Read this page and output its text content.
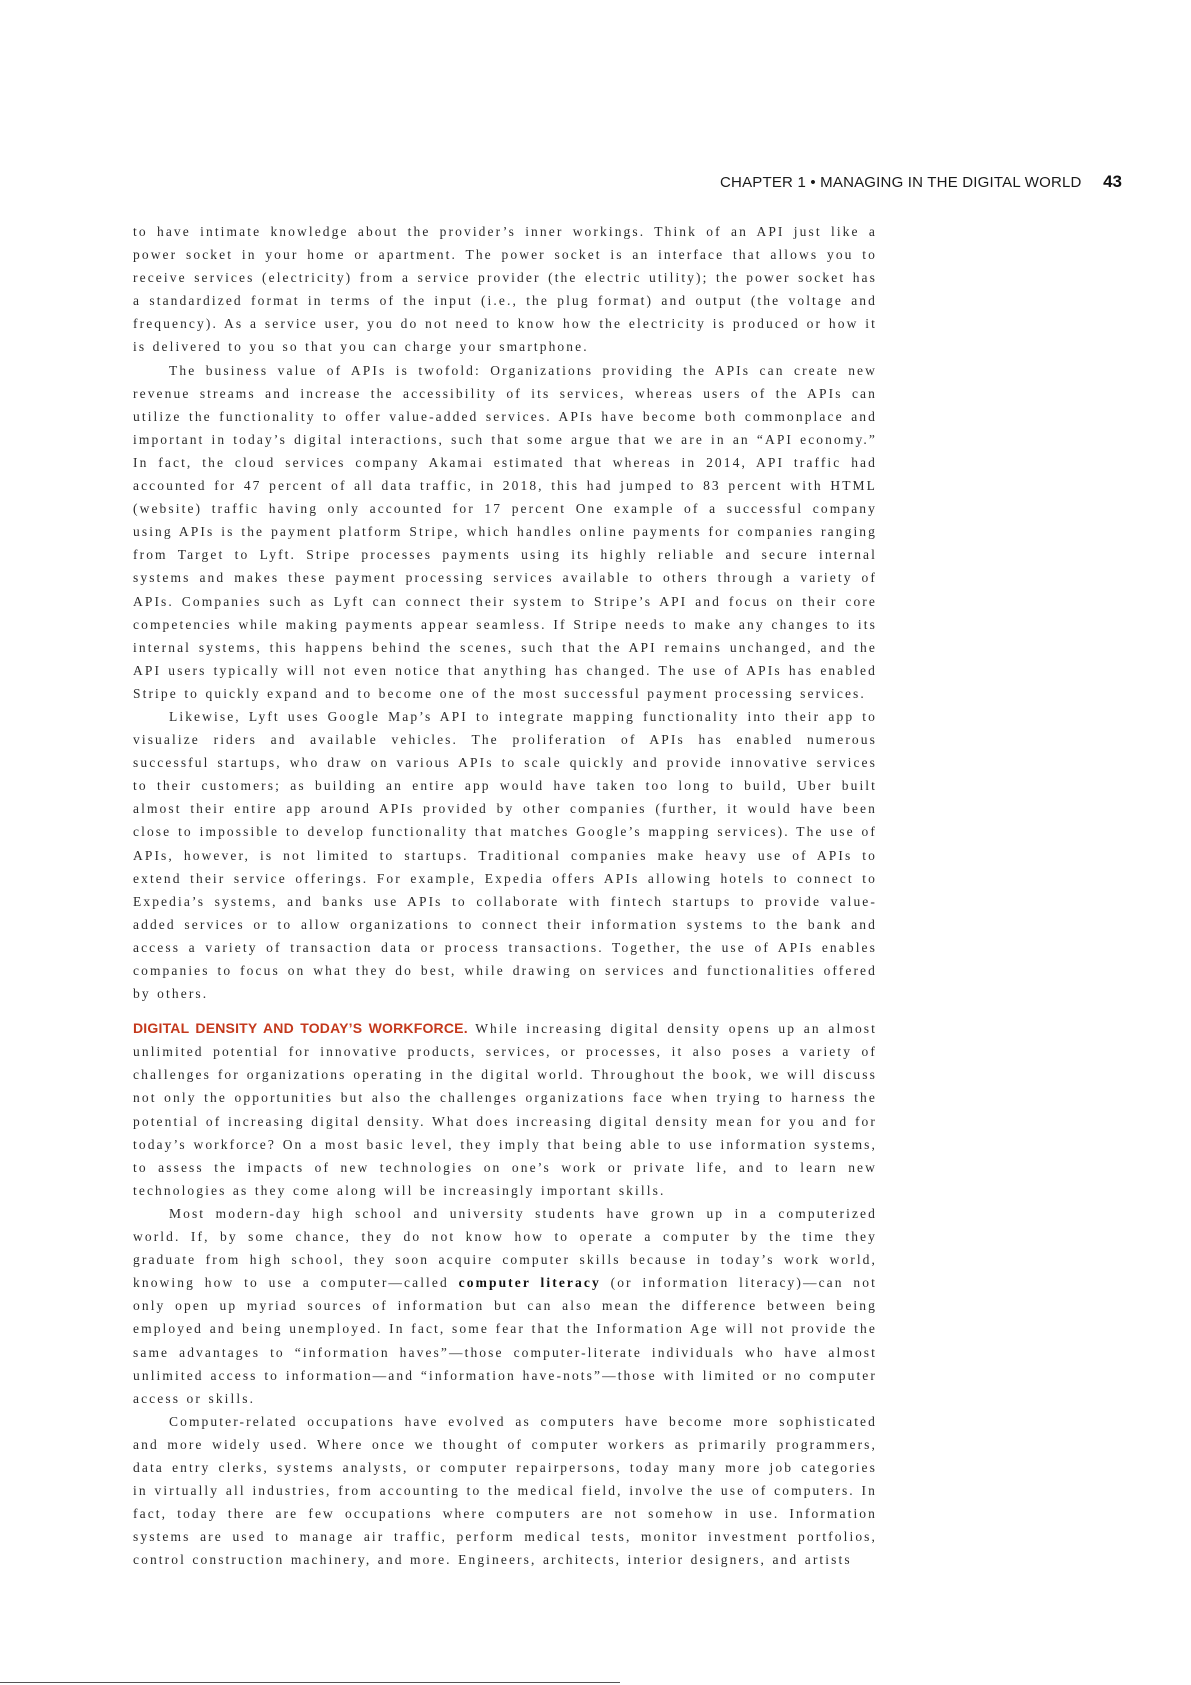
CHAPTER 1 • MANAGING IN THE DIGITAL WORLD 43

to have intimate knowledge about the provider’s inner workings. Think of an API just like a power socket in your home or apartment. The power socket is an interface that allows you to receive services (electricity) from a service provider (the electric utility); the power socket has a standardized format in terms of the input (i.e., the plug format) and output (the voltage and frequency). As a service user, you do not need to know how the electricity is produced or how it is delivered to you so that you can charge your smartphone.

The business value of APIs is twofold: Organizations providing the APIs can create new revenue streams and increase the accessibility of its services, whereas users of the APIs can utilize the functionality to offer value-added services. APIs have become both commonplace and important in today’s digital interactions, such that some argue that we are in an “API economy.” In fact, the cloud services company Akamai estimated that whereas in 2014, API traffic had accounted for 47 percent of all data traffic, in 2018, this had jumped to 83 percent with HTML (website) traffic having only accounted for 17 percent One example of a successful company using APIs is the payment platform Stripe, which handles online payments for companies ranging from Target to Lyft. Stripe processes payments using its highly reliable and secure internal systems and makes these payment processing services available to others through a variety of APIs. Companies such as Lyft can connect their system to Stripe’s API and focus on their core competencies while making payments appear seamless. If Stripe needs to make any changes to its internal systems, this happens behind the scenes, such that the API remains unchanged, and the API users typically will not even notice that anything has changed. The use of APIs has enabled Stripe to quickly expand and to become one of the most successful payment processing services.

Likewise, Lyft uses Google Map’s API to integrate mapping functionality into their app to visualize riders and available vehicles. The proliferation of APIs has enabled numerous successful startups, who draw on various APIs to scale quickly and provide innovative services to their customers; as building an entire app would have taken too long to build, Uber built almost their entire app around APIs provided by other companies (further, it would have been close to impossible to develop functionality that matches Google’s mapping services). The use of APIs, however, is not limited to startups. Traditional companies make heavy use of APIs to extend their service offerings. For example, Expedia offers APIs allowing hotels to connect to Expedia’s systems, and banks use APIs to collaborate with fintech startups to provide value-added services or to allow organizations to connect their information systems to the bank and access a variety of transaction data or process transactions. Together, the use of APIs enables companies to focus on what they do best, while drawing on services and functionalities offered by others.

DIGITAL DENSITY AND TODAY’S WORKFORCE. While increasing digital density opens up an almost unlimited potential for innovative products, services, or processes, it also poses a variety of challenges for organizations operating in the digital world. Throughout the book, we will discuss not only the opportunities but also the challenges organizations face when trying to harness the potential of increasing digital density. What does increasing digital density mean for you and for today’s workforce? On a most basic level, they imply that being able to use information systems, to assess the impacts of new technologies on one’s work or private life, and to learn new technologies as they come along will be increasingly important skills.

Most modern-day high school and university students have grown up in a computerized world. If, by some chance, they do not know how to operate a computer by the time they graduate from high school, they soon acquire computer skills because in today’s work world, knowing how to use a computer—called computer literacy (or information literacy)—can not only open up myriad sources of information but can also mean the difference between being employed and being unemployed. In fact, some fear that the Information Age will not provide the same advantages to “information haves”—those computer-literate individuals who have almost unlimited access to information—and “information have-nots”—those with limited or no computer access or skills.

Computer-related occupations have evolved as computers have become more sophisticated and more widely used. Where once we thought of computer workers as primarily programmers, data entry clerks, systems analysts, or computer repairpersons, today many more job categories in virtually all industries, from accounting to the medical field, involve the use of computers. In fact, today there are few occupations where computers are not somehow in use. Information systems are used to manage air traffic, perform medical tests, monitor investment portfolios, control construction machinery, and more. Engineers, architects, interior designers, and artists
